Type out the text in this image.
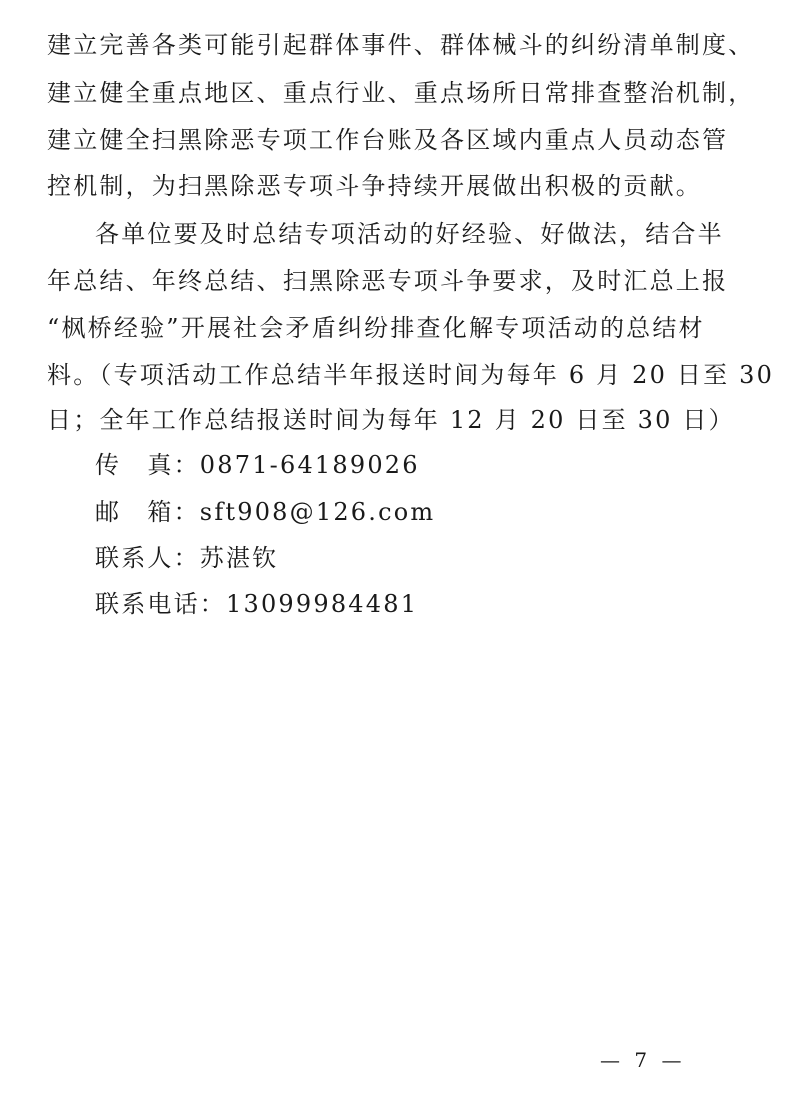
建立完善各类可能引起群体事件、群体械斗的纠纷清单制度、
建立健全重点地区、重点行业、重点场所日常排查整治机制，
建立健全扫黑除恶专项工作台账及各区域内重点人员动态管
控机制，为扫黑除恶专项斗争持续开展做出积极的贡献。
各单位要及时总结专项活动的好经验、好做法，结合半
年总结、年终总结、扫黑除恶专项斗争要求，及时汇总上报
“枫桥经验”开展社会矛盾纠纷排查化解专项活动的总结材
料。（专项活动工作总结半年报送时间为每年 6 月 20 日至 30
日；全年工作总结报送时间为每年 12 月 20 日至 30 日）
传　真：0871-64189026
邮　箱：sft908@126.com
联系人：苏湛钦
联系电话：13099984481
— 7 —
